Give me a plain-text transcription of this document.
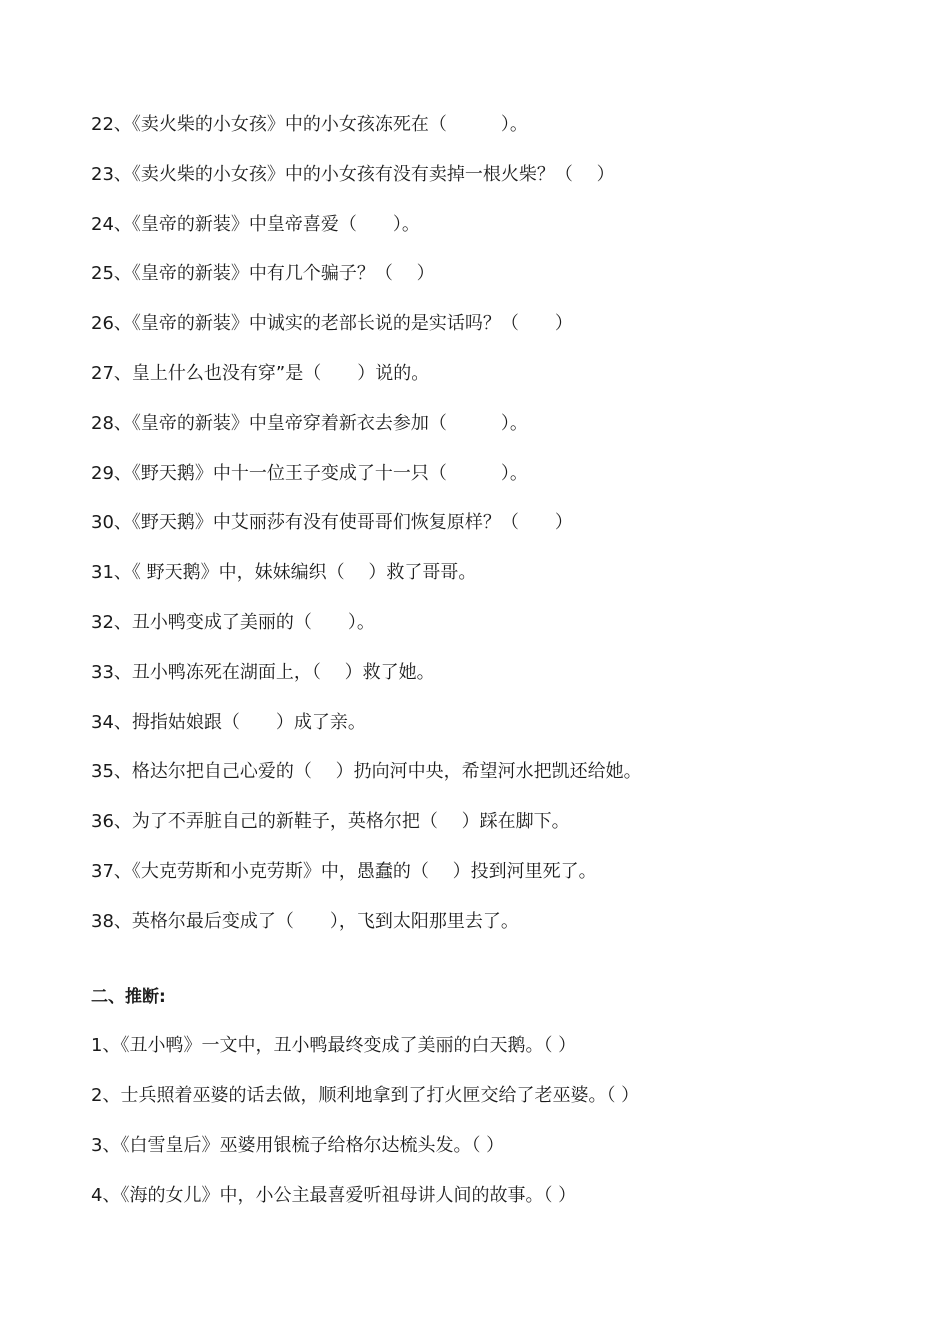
22、《卖火柴的小女孩》中的小女孩冻死在（　　　）。
23、《卖火柴的小女孩》中的小女孩有没有卖掉一根火柴？（　 ）
24、《皇帝的新装》中皇帝喜爱（　　）。
25、《皇帝的新装》中有几个骗子？（　 ）
26、《皇帝的新装》中诚实的老部长说的是实话吗？（　　）
27、皇上什么也没有穿”是（　　）说的。
28、《皇帝的新装》中皇帝穿着新衣去参加（　　　）。
29、《野天鹅》中十一位王子变成了十一只（　　　）。
30、《野天鹅》中艾丽莎有没有使哥哥们恢复原样？（　　）
31、《 野天鹅》中，妹妹编织（　 ）救了哥哥。
32、丑小鸭变成了美丽的（　　）。
33、丑小鸭冻死在湖面上，（　 ）救了她。
34、拇指姑娘跟（　　）成了亲。
35、格达尔把自己心爱的（　 ）扔向河中央，希望河水把凯还给她。
36、为了不弄脏自己的新鞋子，英格尔把（　 ）踩在脚下。
37、《大克劳斯和小克劳斯》中，愚蠢的（　 ）投到河里死了。
38、英格尔最后变成了（　　），飞到太阳那里去了。
二、推断:
1、《丑小鸭》一文中，丑小鸭最终变成了美丽的白天鹅。（ ）
2、士兵照着巫婆的话去做，顺利地拿到了打火匣交给了老巫婆。（ ）
3、《白雪皇后》巫婆用银梳子给格尔达梳头发。（ ）
4、《海的女儿》中，小公主最喜爱听祖母讲人间的故事。（ ）
